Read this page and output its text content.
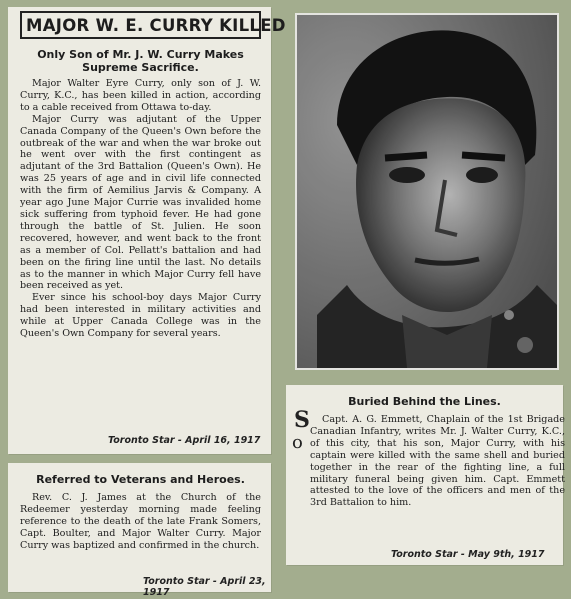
MAJOR W. E. CURRY KILLED
Only Son of Mr. J. W. Curry Makes Supreme Sacrifice.

Major Walter Eyre Curry, only son of J. W. Curry, K.C., has been killed in action, according to a cable received from Ottawa to-day.

Major Curry was adjutant of the Upper Canada Company of the Queen's Own before the outbreak of the war and when the war broke out he went over with the first contingent as adjutant of the 3rd Battalion (Queen's Own). He was 25 years of age and in civil life connected with the firm of Aemilius Jarvis & Company. A year ago June Major Currie was invalided home sick suffering from typhoid fever. He had gone through the battle of St. Julien. He soon recovered, however, and went back to the front as a member of Col. Pellatt's battalion and had been on the firing line until the last. No details as to the manner in which Major Curry fell have been received as yet.

Ever since his school-boy days Major Curry had been interested in military activities and while at Upper Canada College was in the Queen's Own Company for several years.

Toronto Star - April 16, 1917
Referred to Veterans and Heroes.

Rev. C. J. James at the Church of the Redeemer yesterday morning made feeling reference to the death of the late Frank Somers, Capt. Boulter, and Major Walter Curry. Major Curry was baptized and confirmed in the church.

Toronto Star - April 23, 1917
Buried Behind the Lines.

Capt. A. G. Emmett, Chaplain of the 1st Brigade Canadian Infantry, writes Mr. J. Walter Curry, K.C., of this city, that his son, Major Curry, with his captain were killed with the same shell and buried together in the rear of the fighting line, a full military funeral being given him. Capt. Emmett attested to the love of the officers and men of the 3rd Battalion to him.

Toronto Star - May 9th, 1917
S
o
